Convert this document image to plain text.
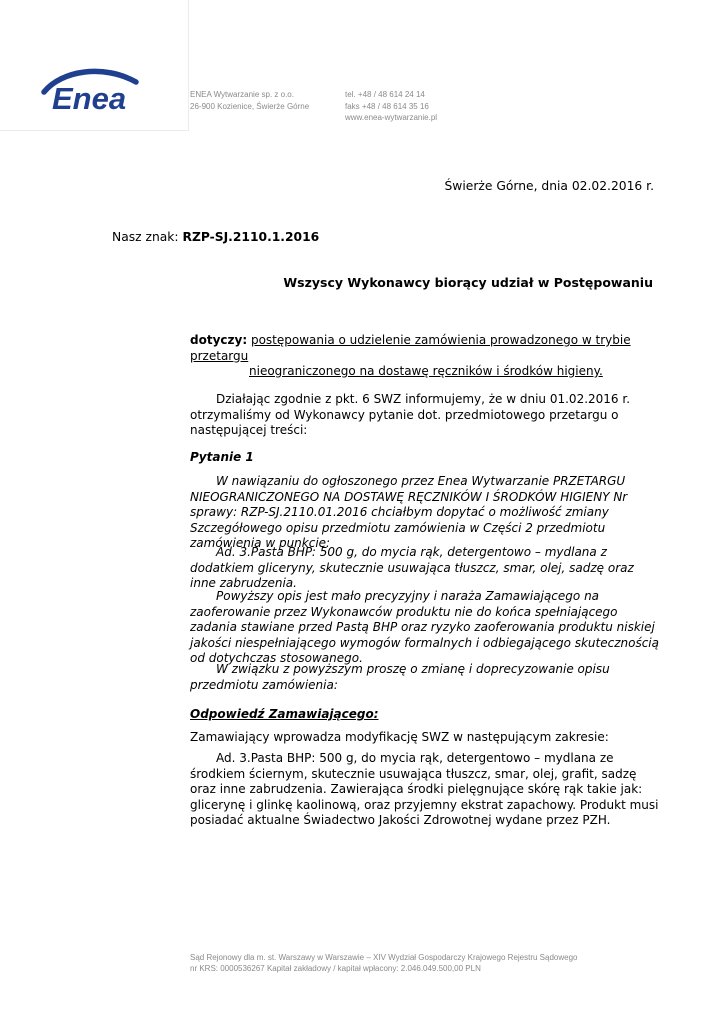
Enea	ENEA Wytwarzanie sp. z o.o.
26-900 Kozienice, Świerże Górne
tel. +48 / 48 614 24 14
faks +48 / 48 614 35 16
www.enea-wytwarzanie.pl
Świerże Górne, dnia 02.02.2016 r.
Nasz znak: RZP-SJ.2110.1.2016
Wszyscy Wykonawcy biorący udział w Postępowaniu
dotyczy: postępowania o udzielenie zamówienia prowadzonego w trybie przetargu
nieograniczonego na dostawę ręczników i środków higieny.
Działając zgodnie z pkt. 6 SWZ informujemy, że w dniu 01.02.2016 r. otrzymaliśmy od Wykonawcy pytanie dot. przedmiotowego przetargu o następującej treści:
Pytanie 1
W nawiązaniu do ogłoszonego przez Enea Wytwarzanie PRZETARGU NIEOGRANICZONEGO NA DOSTAWĘ RĘCZNIKÓW I ŚRODKÓW HIGIENY Nr sprawy: RZP-SJ.2110.01.2016 chciałbym dopytać o możliwość zmiany Szczegółowego opisu przedmiotu zamówienia w Części 2 przedmiotu zamówienia w punkcie:
Ad. 3.Pasta BHP: 500 g, do mycia rąk, detergentowo – mydlana z dodatkiem gliceryny, skutecznie usuwająca tłuszcz, smar, olej, sadzę oraz inne zabrudzenia.
Powyższy opis jest mało precyzyjny i naraża Zamawiającego na zaoferowanie przez Wykonawców produktu nie do końca spełniającego zadania stawiane przed Pastą BHP oraz ryzyko zaoferowania produktu niskiej jakości niespełniającego wymogów formalnych i odbiegającego skutecznością od dotychczas stosowanego.
W związku z powyższym proszę o zmianę i doprecyzowanie opisu przedmiotu zamówienia:
Odpowiedź Zamawiającego:
Zamawiający wprowadza modyfikację SWZ w następującym zakresie:
Ad. 3.Pasta BHP: 500 g, do mycia rąk, detergentowo – mydlana ze środkiem ściernym, skutecznie usuwająca tłuszcz, smar, olej, grafit, sadzę oraz inne zabrudzenia. Zawierająca środki pielęgnujące skórę rąk takie jak: glicerynę i glinkę kaolinową, oraz przyjemny ekstrat zapachowy. Produkt musi posiadać aktualne Świadectwo Jakości Zdrowotnej wydane przez PZH.
Sąd Rejonowy dla m. st. Warszawy w Warszawie – XIV Wydział Gospodarczy Krajowego Rejestru Sądowego
nr KRS: 0000536267 Kapitał zakładowy / kapitał wpłacony: 2.046.049.500,00 PLN
